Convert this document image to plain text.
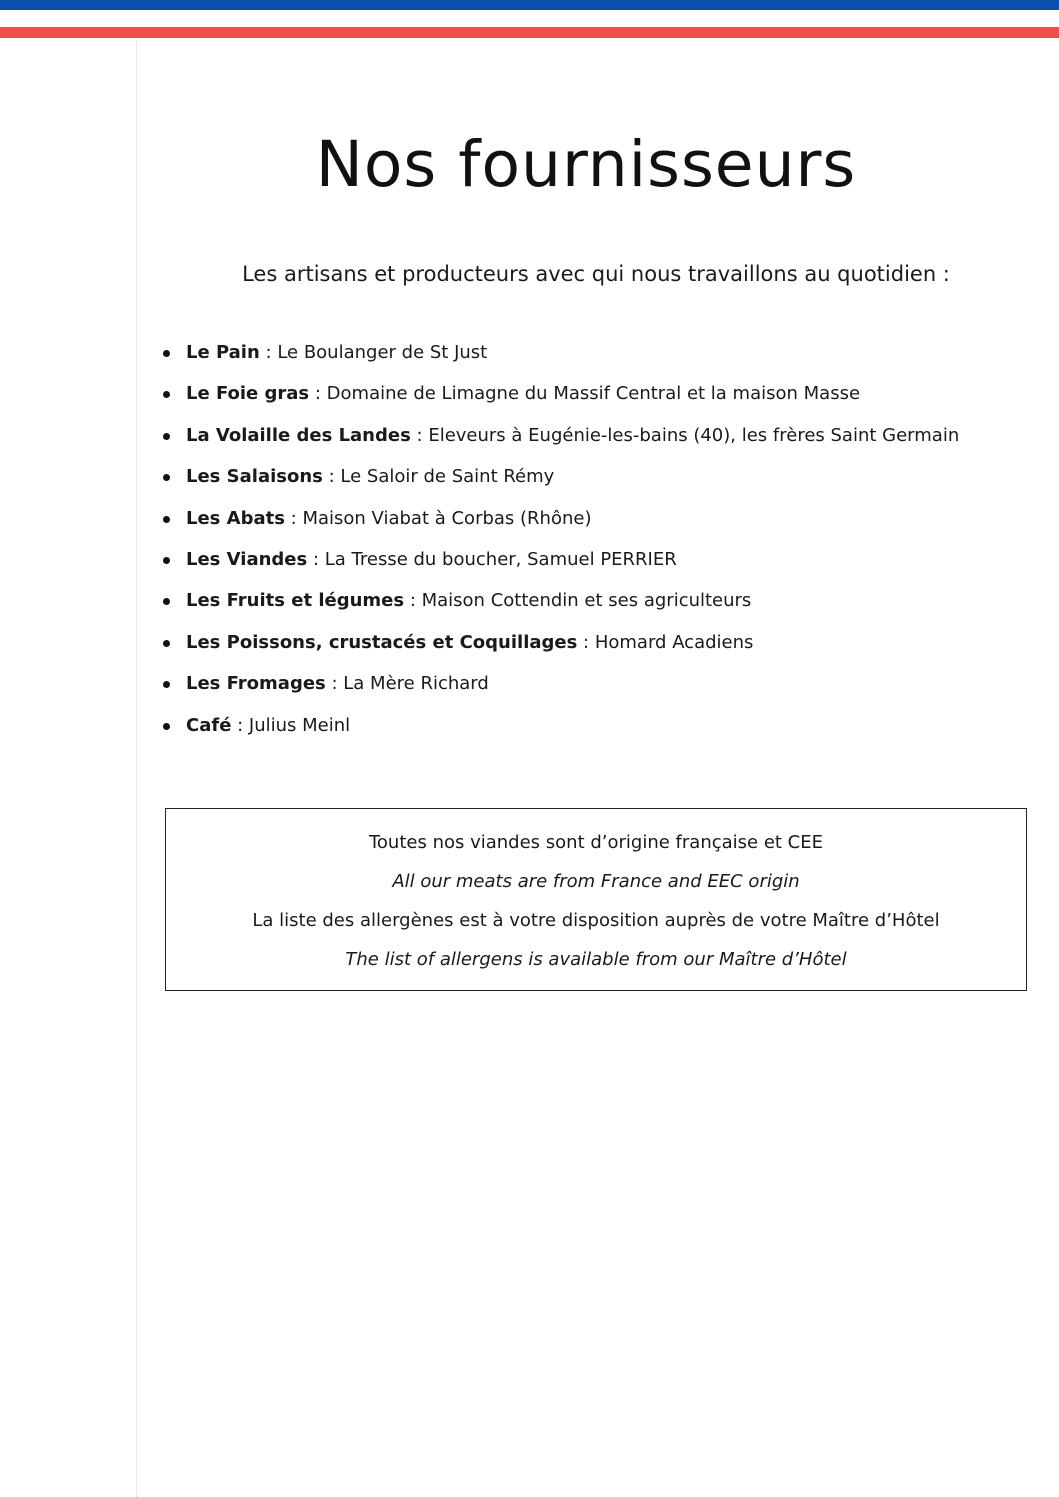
Nos fournisseurs

Les artisans et producteurs avec qui nous travaillons au quotidien :

Le Pain : Le Boulanger de St Just
Le Foie gras : Domaine de Limagne du Massif Central et la maison Masse
La Volaille des Landes : Eleveurs à Eugénie-les-bains (40), les frères Saint Germain
Les Salaisons : Le Saloir de Saint Rémy
Les Abats : Maison Viabat à Corbas (Rhône)
Les Viandes : La Tresse du boucher, Samuel PERRIER
Les Fruits et légumes : Maison Cottendin et ses agriculteurs
Les Poissons, crustacés et Coquillages : Homard Acadiens
Les Fromages : La Mère Richard
Café : Julius Meinl
Toutes nos viandes sont d’origine française et CEE
All our meats are from France and EEC origin
La liste des allergènes est à votre disposition auprès de votre Maître d’Hôtel
The list of allergens is available from our Maître d’Hôtel
